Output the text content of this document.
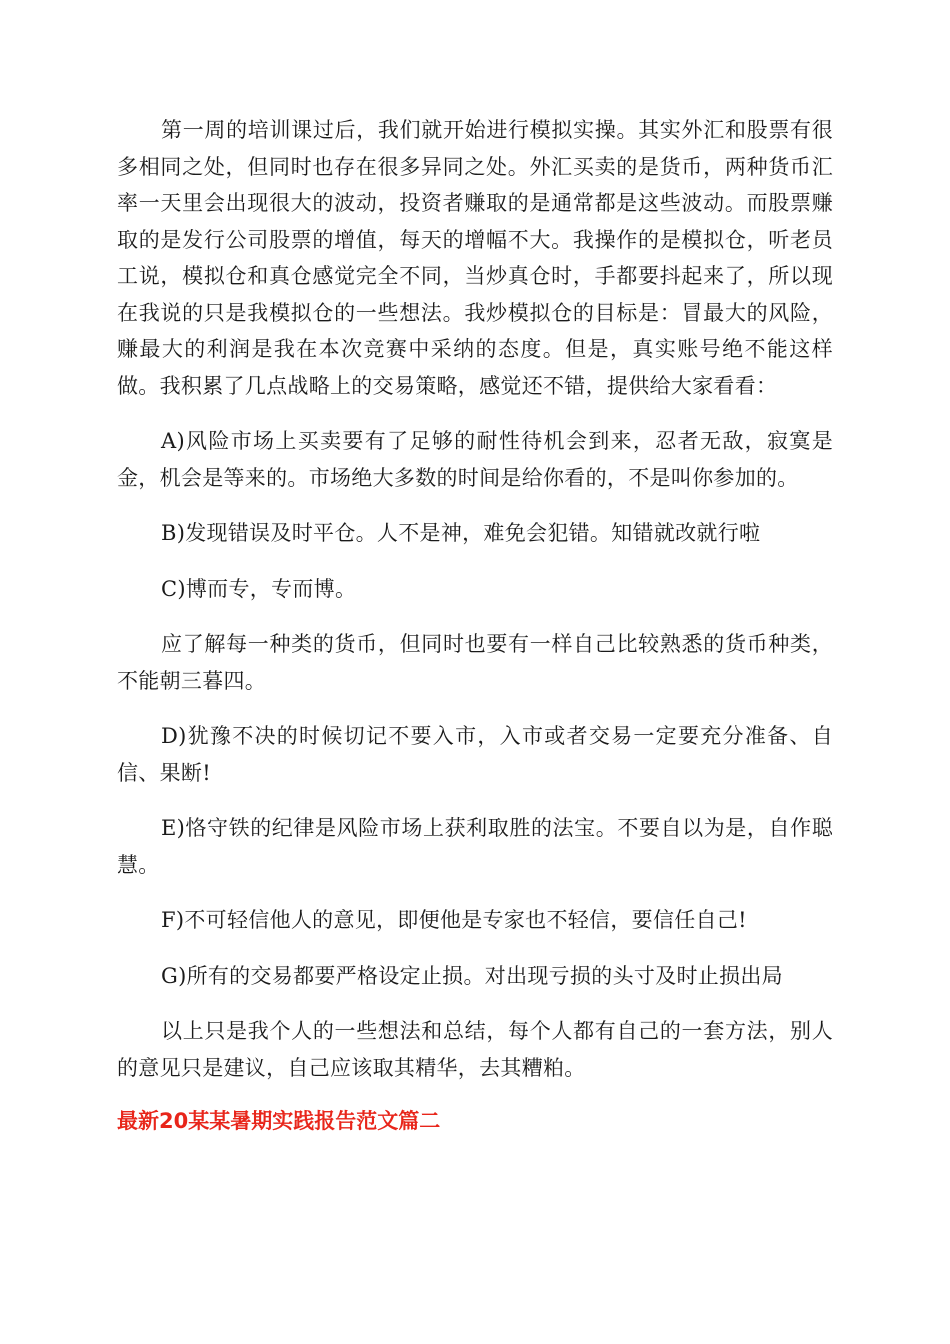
第一周的培训课过后，我们就开始进行模拟实操。其实外汇和股票有很多相同之处，但同时也存在很多异同之处。外汇买卖的是货币，两种货币汇率一天里会出现很大的波动，投资者赚取的是通常都是这些波动。而股票赚取的是发行公司股票的增值，每天的增幅不大。我操作的是模拟仓，听老员工说，模拟仓和真仓感觉完全不同，当炒真仓时，手都要抖起来了，所以现在我说的只是我模拟仓的一些想法。我炒模拟仓的目标是：冒最大的风险，赚最大的利润是我在本次竞赛中采纳的态度。但是，真实账号绝不能这样做。我积累了几点战略上的交易策略，感觉还不错，提供给大家看看：

A)风险市场上买卖要有了足够的耐性待机会到来，忍者无敌，寂寞是金，机会是等来的。市场绝大多数的时间是给你看的，不是叫你参加的。

B)发现错误及时平仓。人不是神，难免会犯错。知错就改就行啦

C)博而专，专而博。

应了解每一种类的货币，但同时也要有一样自己比较熟悉的货币种类，不能朝三暮四。

D)犹豫不决的时候切记不要入市，入市或者交易一定要充分准备、自信、果断!

E)恪守铁的纪律是风险市场上获利取胜的法宝。不要自以为是，自作聪慧。

F)不可轻信他人的意见，即便他是专家也不轻信，要信任自己!

G)所有的交易都要严格设定止损。对出现亏损的头寸及时止损出局

以上只是我个人的一些想法和总结，每个人都有自己的一套方法，别人的意见只是建议，自己应该取其精华，去其糟粕。

最新20某某暑期实践报告范文篇二
